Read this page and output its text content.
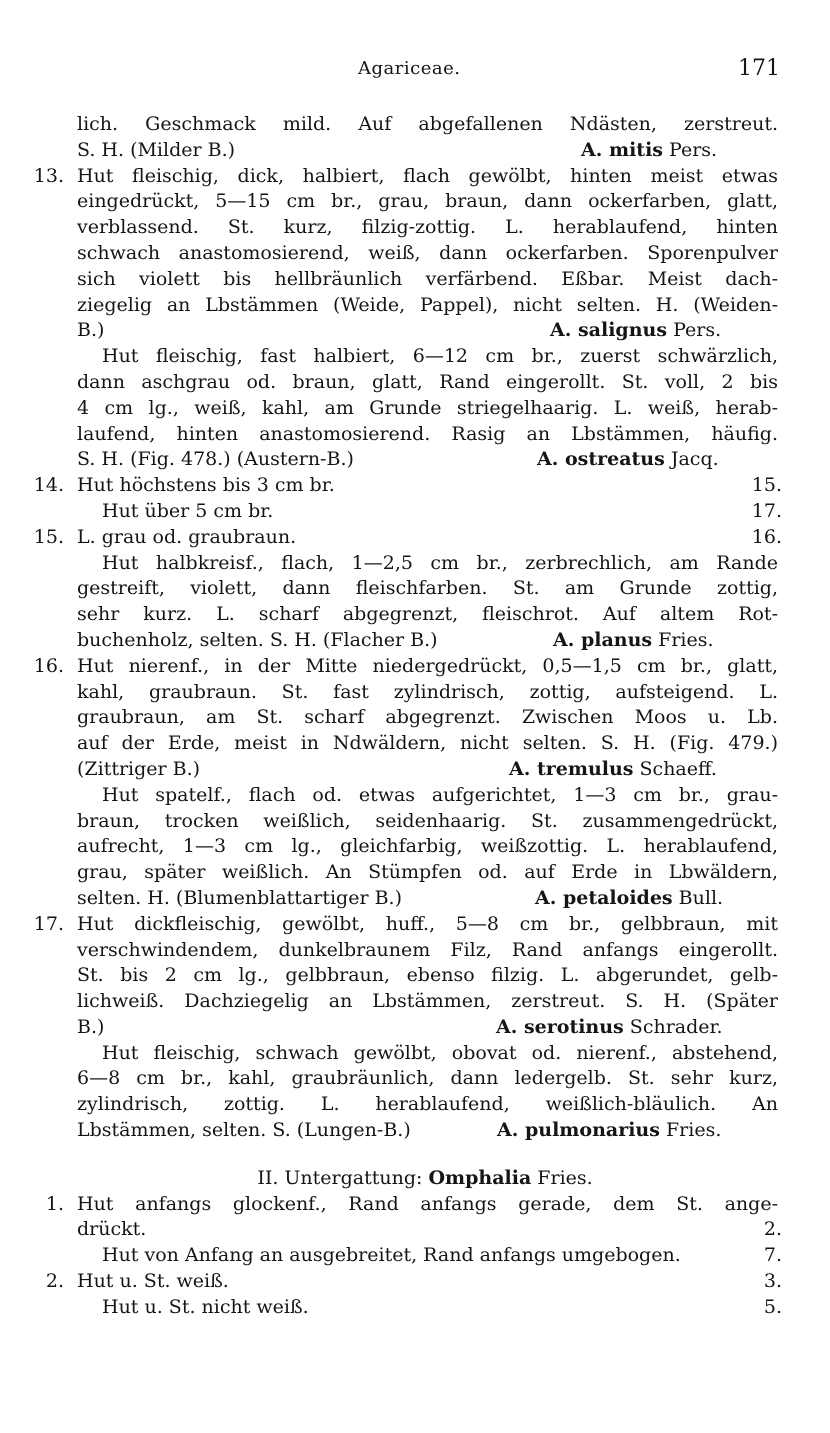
Agariceae.	171
lich. Geschmack mild. Auf abgefallenen Ndästen, zerstreut.
S. H. (Milder B.)	A. mitis Pers.
13. Hut fleischig, dick, halbiert, flach gewölbt, hinten meist etwas
eingedrückt, 5—15 cm br., grau, braun, dann ockerfarben, glatt,
verblassend. St. kurz, filzig-zottig. L. herablaufend, hinten
schwach anastomosierend, weiß, dann ockerfarben. Sporenpulver
sich violett bis hellbräunlich verfärbend. Eßbar. Meist dach-
ziegelig an Lbstämmen (Weide, Pappel), nicht selten. H. (Weiden-
B.)	A. salignus Pers.
Hut fleischig, fast halbiert, 6—12 cm br., zuerst schwärzlich,
dann aschgrau od. braun, glatt, Rand eingerollt. St. voll, 2 bis
4 cm lg., weiß, kahl, am Grunde striegelhaarig. L. weiß, herab-
laufend, hinten anastomosierend. Rasig an Lbstämmen, häufig.
S. H. (Fig. 478.) (Austern-B.)	A. ostreatus Jacq.
14. Hut höchstens bis 3 cm br.	15.
Hut über 5 cm br.	17.
15. L. grau od. graubraun.	16.
Hut halbkreisf., flach, 1—2,5 cm br., zerbrechlich, am Rande
gestreift, violett, dann fleischfarben. St. am Grunde zottig,
sehr kurz. L. scharf abgegrenzt, fleischrot. Auf altem Rot-
buchenholz, selten. S. H. (Flacher B.)	A. planus Fries.
16. Hut nierenf., in der Mitte niedergedrückt, 0,5—1,5 cm br., glatt,
kahl, graubraun. St. fast zylindrisch, zottig, aufsteigend. L.
graubraun, am St. scharf abgegrenzt. Zwischen Moos u. Lb.
auf der Erde, meist in Ndwäldern, nicht selten. S. H. (Fig. 479.)
(Zittriger B.)	A. tremulus Schaeff.
Hut spatelf., flach od. etwas aufgerichtet, 1—3 cm br., grau-
braun, trocken weißlich, seidenhaarig. St. zusammengedrückt,
aufrecht, 1—3 cm lg., gleichfarbig, weißzottig. L. herablaufend,
grau, später weißlich. An Stümpfen od. auf Erde in Lbwäldern,
selten. H. (Blumenblattartiger B.)	A. petaloides Bull.
17. Hut dickfleischig, gewölbt, huff., 5—8 cm br., gelbbraun, mit
verschwindendem, dunkelbraunem Filz, Rand anfangs eingerollt.
St. bis 2 cm lg., gelbbraun, ebenso filzig. L. abgerundet, gelb-
lichweiß. Dachziegelig an Lbstämmen, zerstreut. S. H. (Später
B.)	A. serotinus Schrader.
Hut fleischig, schwach gewölbt, obovat od. nierenf., abstehend,
6—8 cm br., kahl, graubräunlich, dann ledergelb. St. sehr kurz,
zylindrisch, zottig. L. herablaufend, weißlich-bläulich. An
Lbstämmen, selten. S. (Lungen-B.)	A. pulmonarius Fries.
II. Untergattung: Omphalia Fries.
1. Hut anfangs glockenf., Rand anfangs gerade, dem St. ange-
drückt.	2.
Hut von Anfang an ausgebreitet, Rand anfangs umgebogen.	7.
2. Hut u. St. weiß.	3.
Hut u. St. nicht weiß.	5.
